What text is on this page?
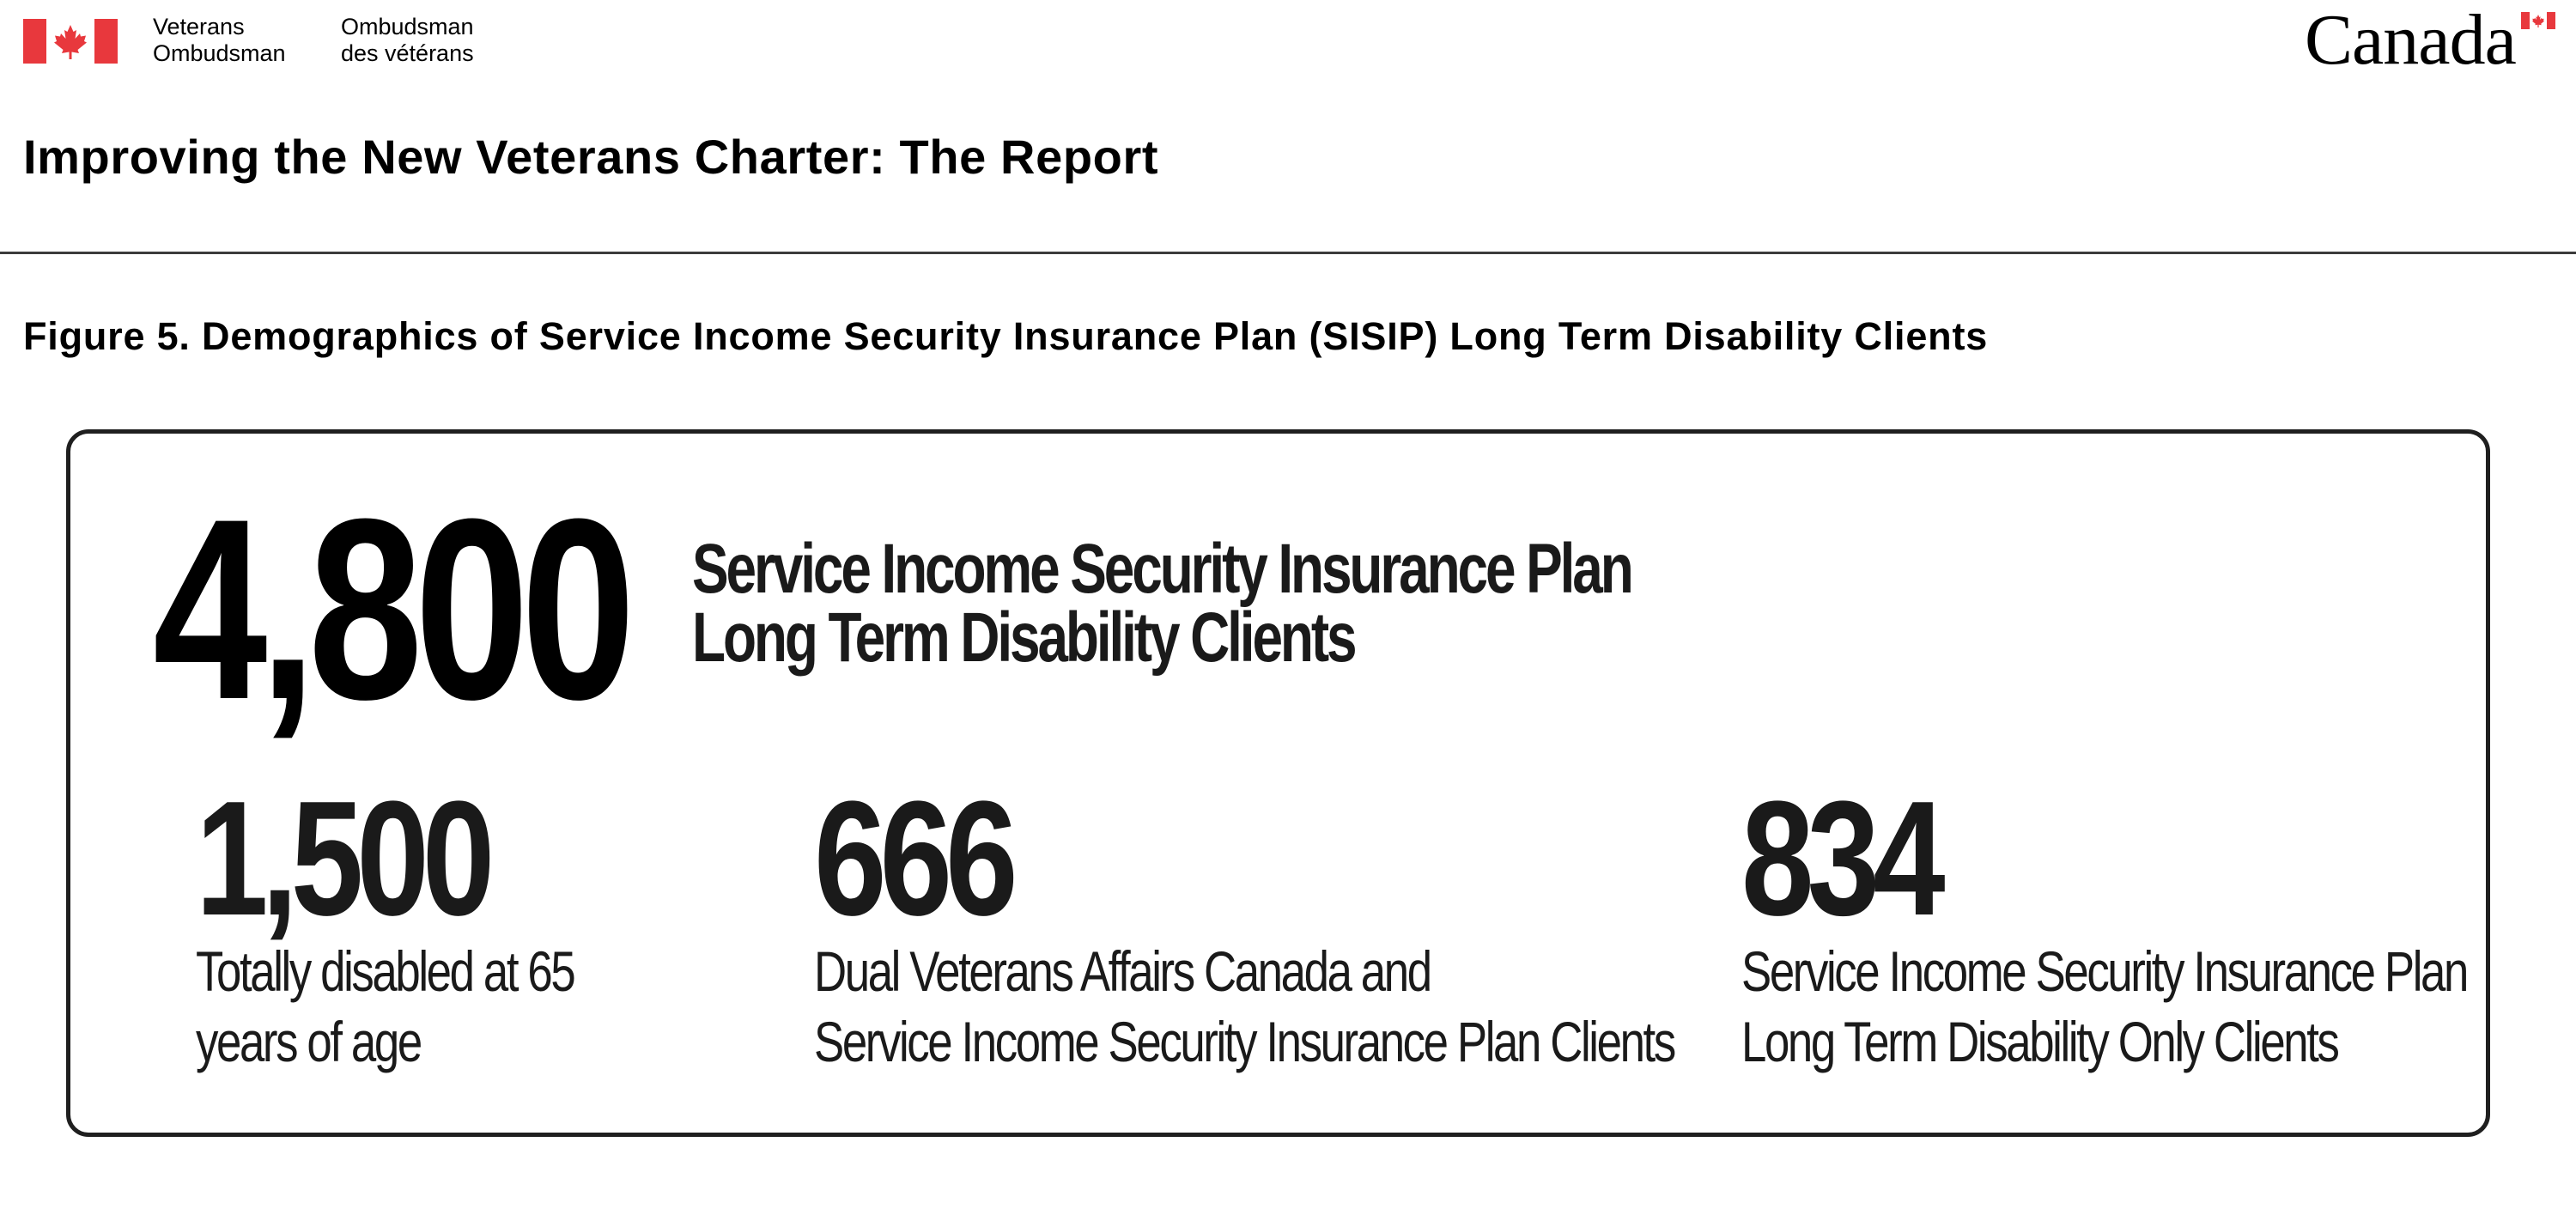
Veterans
Ombudsman
Ombudsman
des vétérans	Canada
Improving the New Veterans Charter: The Report
Figure 5. Demographics of Service Income Security Insurance Plan (SISIP) Long Term Disability Clients
4,800 Service Income Security Insurance Plan
Long Term Disability Clients
1,500
Totally disabled at 65
years of age
666
Dual Veterans Affairs Canada and
Service Income Security Insurance Plan Clients
834
Service Income Security Insurance Plan
Long Term Disability Only Clients
